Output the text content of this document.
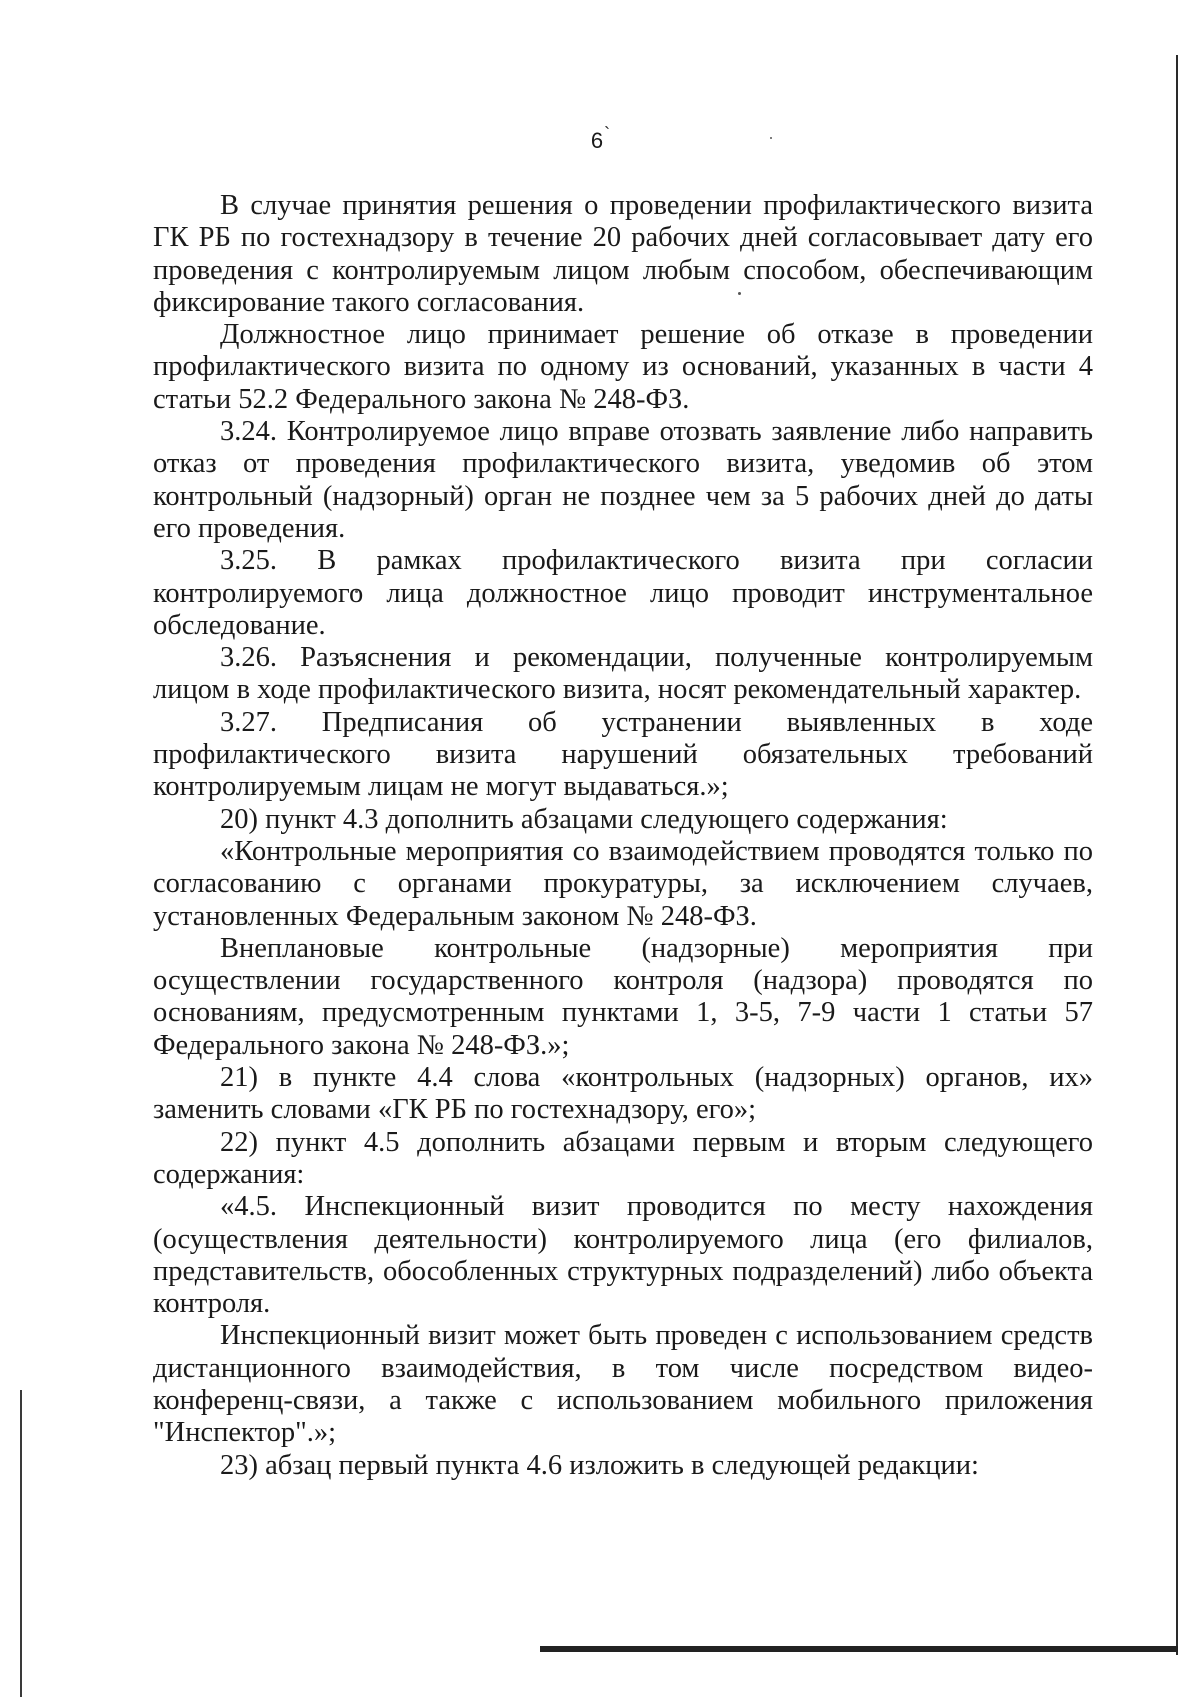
6`

В случае принятия решения о проведении профилактического визита ГК РБ по гостехнадзору в течение 20 рабочих дней согласовывает дату его проведения с контролируемым лицом любым способом, обеспечивающим фиксирование такого согласования.

Должностное лицо принимает решение об отказе в проведении профилактического визита по одному из оснований, указанных в части 4 статьи 52.2 Федерального закона № 248-ФЗ.

3.24. Контролируемое лицо вправе отозвать заявление либо направить отказ от проведения профилактического визита, уведомив об этом контрольный (надзорный) орган не позднее чем за 5 рабочих дней до даты его проведения.

3.25. В рамках профилактического визита при согласии контролируемого лица должностное лицо проводит инструментальное обследование.

3.26. Разъяснения и рекомендации, полученные контролируемым лицом в ходе профилактического визита, носят рекомендательный характер.

3.27. Предписания об устранении выявленных в ходе профилактического визита нарушений обязательных требований контролируемым лицам не могут выдаваться.»;

20) пункт 4.3 дополнить абзацами следующего содержания:

«Контрольные мероприятия со взаимодействием проводятся только по согласованию с органами прокуратуры, за исключением случаев, установленных Федеральным законом № 248-ФЗ.

Внеплановые контрольные (надзорные) мероприятия при осуществлении государственного контроля (надзора) проводятся по основаниям, предусмотренным пунктами 1, 3-5, 7-9 части 1 статьи 57 Федерального закона № 248-ФЗ.»;

21) в пункте 4.4 слова «контрольных (надзорных) органов, их» заменить словами «ГК РБ по гостехнадзору, его»;

22) пункт 4.5 дополнить абзацами первым и вторым следующего содержания:

«4.5. Инспекционный визит проводится по месту нахождения (осуществления деятельности) контролируемого лица (его филиалов, представительств, обособленных структурных подразделений) либо объекта контроля.

Инспекционный визит может быть проведен с использованием средств дистанционного взаимодействия, в том числе посредством видео-конференц-связи, а также с использованием мобильного приложения "Инспектор".»;

23) абзац первый пункта 4.6 изложить в следующей редакции:
